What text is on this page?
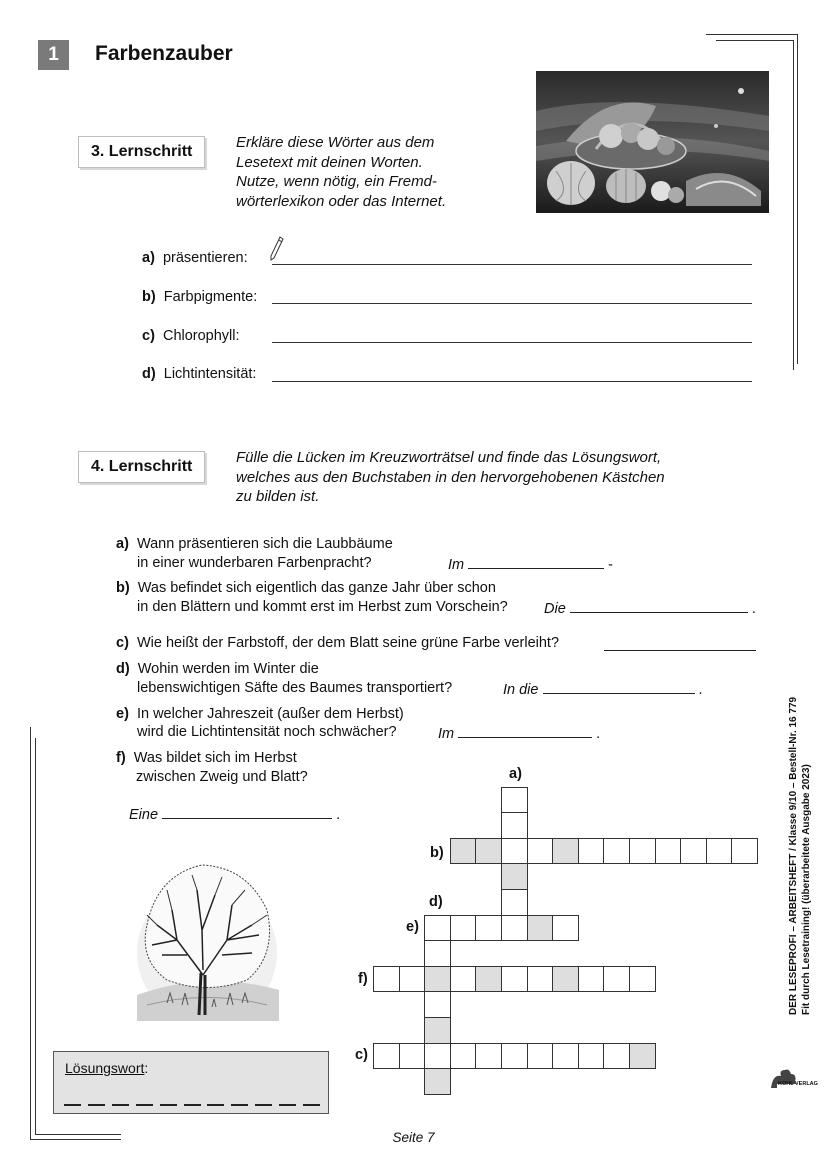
1	Farbenzauber
3. Lernschritt
Erkläre diese Wörter aus dem
Lesetext mit deinen Worten.
Nutze, wenn nötig, ein Fremd-
wörterlexikon oder das Internet.
a) präsentieren:
b) Farbpigmente:
c) Chlorophyll:
d) Lichtintensität:
4. Lernschritt
Fülle die Lücken im Kreuzworträtsel und finde das Lösungswort,
welches aus den Buchstaben in den hervorgehobenen Kästchen
zu bilden ist.
a) Wann präsentieren sich die Laubbäume
in einer wunderbaren Farbenpracht?	Im	-
b) Was befindet sich eigentlich das ganze Jahr über schon
in den Blättern und kommt erst im Herbst zum Vorschein?	Die	.
c) Wie heißt der Farbstoff, der dem Blatt seine grüne Farbe verleiht?
d) Wohin werden im Winter die
lebenswichtigen Säfte des Baumes transportiert?	In die	.
e) In welcher Jahreszeit (außer dem Herbst)
wird die Lichtintensität noch schwächer?	Im	.
f) Was bildet sich im Herbst
zwischen Zweig und Blatt?
Eine	.
a)
b)
d)
e)
f)
c)
Lösungswort:
DER LESEPROFI – ARBEITSHEFT / Klasse 9/10 – Bestell-Nr. 16 779 Fit durch Lesetraining! (überarbeitete Ausgabe 2023)
KOHL VERLAG
Seite 7
